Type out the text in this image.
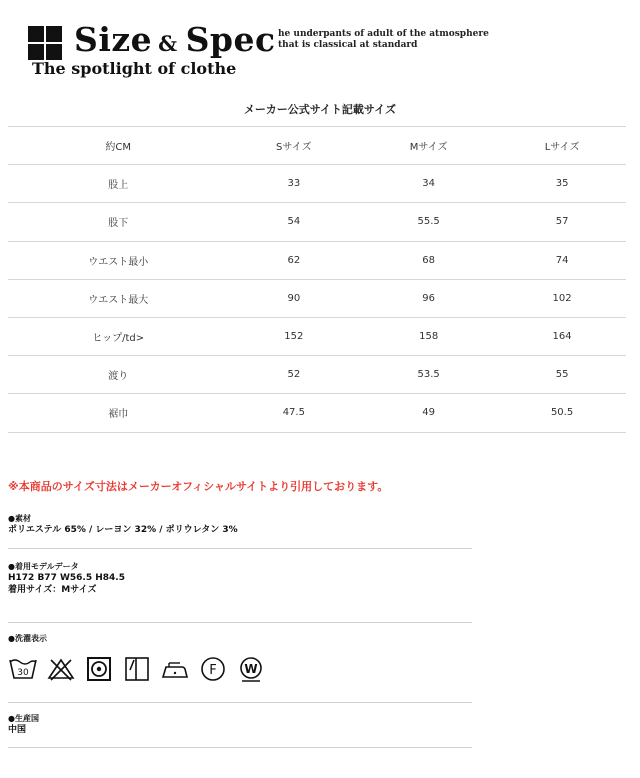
Size & Spec he underpants of adult of the atmosphere
that is classical at standard
The spotlight of clothe
メーカー公式サイト記載サイズ
約CM	Sサイズ	Mサイズ	Lサイズ
股上	33	34	35
股下	54	55.5	57
ウエスト最小	62	68	74
ウエスト最大	90	96	102
ヒップ/td>	152	158	164
渡り	52	53.5	55
裾巾	47.5	49	50.5
※本商品のサイズ寸法はメーカーオフィシャルサイトより引用しております。
●素材
ポリエステル 65% / レーヨン 32% / ポリウレタン 3%
●着用モデルデータ
H172 B77 W56.5 H84.5
着用サイズ：Mサイズ
●洗濯表示
30	F W
●生産国
中国
